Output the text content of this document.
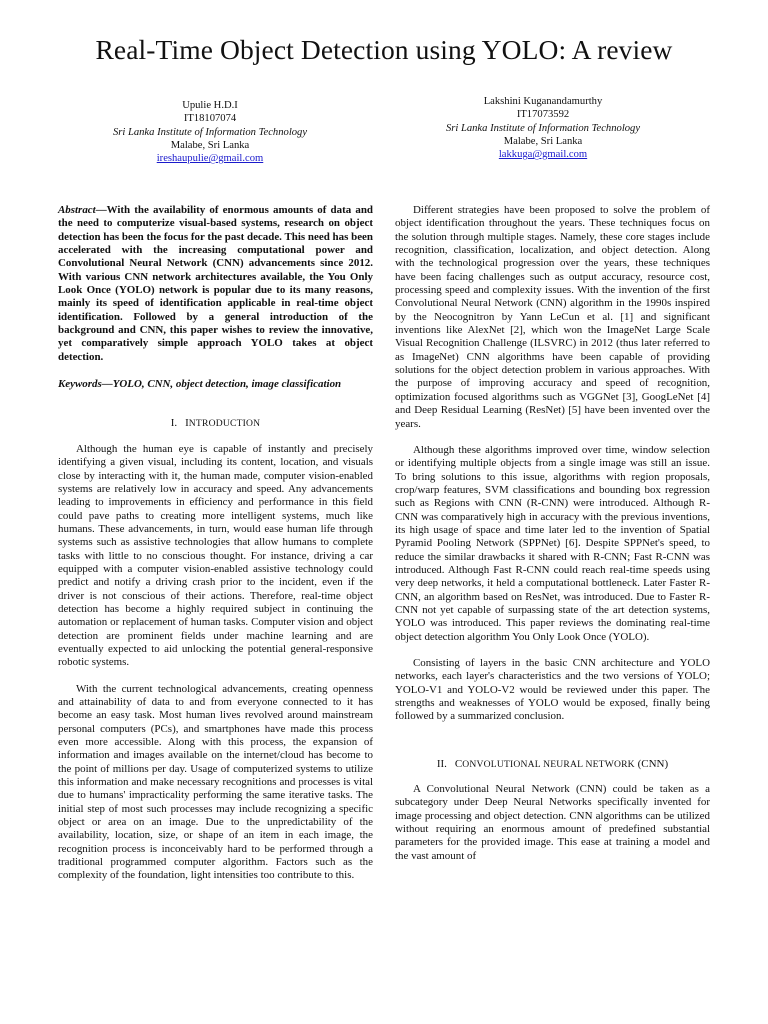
Real-Time Object Detection using YOLO: A review
Upulie H.D.I
IT18107074
Sri Lanka Institute of Information Technology
Malabe, Sri Lanka
ireshaupulie@gmail.com
Lakshini Kuganandamurthy
IT17073592
Sri Lanka Institute of Information Technology
Malabe, Sri Lanka
lakkuga@gmail.com

Abstract—With the availability of enormous amounts of data and the need to computerize visual-based systems, research on object detection has been the focus for the past decade. This need has been accelerated with the increasing computational power and Convolutional Neural Network (CNN) advancements since 2012. With various CNN network architectures available, the You Only Look Once (YOLO) network is popular due to its many reasons, mainly its speed of identification applicable in real-time object identification. Followed by a general introduction of the background and CNN, this paper wishes to review the innovative, yet comparatively simple approach YOLO takes at object detection.

Keywords—YOLO, CNN, object detection, image classification

I. INTRODUCTION

Although the human eye is capable of instantly and precisely identifying a given visual, including its content, location, and visuals close by interacting with it, the human made, computer vision-enabled systems are relatively low in accuracy and speed. Any advancements leading to improvements in efficiency and performance in this field could pave paths to creating more intelligent systems, much like humans. These advancements, in turn, would ease human life through systems such as assistive technologies that allow humans to complete tasks with little to no conscious thought. For instance, driving a car equipped with a computer vision-enabled assistive technology could predict and notify a driving crash prior to the incident, even if the driver is not conscious of their actions. Therefore, real-time object detection has become a highly required subject in continuing the automation or replacement of human tasks. Computer vision and object detection are prominent fields under machine learning and are eventually expected to aid unlocking the potential general-responsive robotic systems.

With the current technological advancements, creating openness and attainability of data to and from everyone connected to it has become an easy task. Most human lives revolved around mainstream personal computers (PCs), and smartphones have made this process even more accessible. Along with this process, the expansion of information and images available on the internet/cloud has become to the point of millions per day. Usage of computerized systems to utilize this information and make necessary recognitions and processes is vital due to humans' impracticality performing the same iterative tasks. The initial step of most such processes may include recognizing a specific object or area on an image. Due to the unpredictability of the availability, location, size, or shape of an item in each image, the recognition process is inconceivably hard to be performed through a traditional programmed computer algorithm. Factors such as the complexity of the foundation, light intensities too contribute to this.

Different strategies have been proposed to solve the problem of object identification throughout the years. These techniques focus on the solution through multiple stages. Namely, these core stages include recognition, classification, localization, and object detection. Along with the technological progression over the years, these techniques have been facing challenges such as output accuracy, resource cost, processing speed and complexity issues. With the invention of the first Convolutional Neural Network (CNN) algorithm in the 1990s inspired by the Neocognitron by Yann LeCun et al. [1] and significant inventions like AlexNet [2], which won the ImageNet Large Scale Visual Recognition Challenge (ILSVRC) in 2012 (thus later referred to as ImageNet) CNN algorithms have been capable of providing solutions for the object detection problem in various approaches. With the purpose of improving accuracy and speed of recognition, optimization focused algorithms such as VGGNet [3], GoogLeNet [4] and Deep Residual Learning (ResNet) [5] have been invented over the years.

Although these algorithms improved over time, window selection or identifying multiple objects from a single image was still an issue. To bring solutions to this issue, algorithms with region proposals, crop/warp features, SVM classifications and bounding box regression such as Regions with CNN (R-CNN) were introduced. Although R-CNN was comparatively high in accuracy with the previous inventions, its high usage of space and time later led to the invention of Spatial Pyramid Pooling Network (SPPNet) [6]. Despite SPPNet's speed, to reduce the similar drawbacks it shared with R-CNN; Fast R-CNN was introduced. Although Fast R-CNN could reach real-time speeds using very deep networks, it held a computational bottleneck. Later Faster R-CNN, an algorithm based on ResNet, was introduced. Due to Faster R-CNN not yet capable of surpassing state of the art detection systems, YOLO was introduced. This paper reviews the dominating real-time object detection algorithm You Only Look Once (YOLO).

Consisting of layers in the basic CNN architecture and YOLO networks, each layer's characteristics and the two versions of YOLO; YOLO-V1 and YOLO-V2 would be reviewed under this paper. The strengths and weaknesses of YOLO would be exposed, finally being followed by a summarized conclusion.

II. CONVOLUTIONAL NEURAL NETWORK (CNN)

A Convolutional Neural Network (CNN) could be taken as a subcategory under Deep Neural Networks specifically invented for image processing and object detection. CNN algorithms can be utilized without requiring an enormous amount of predefined substantial parameters for the provided image. This ease at training a model and the vast amount of
